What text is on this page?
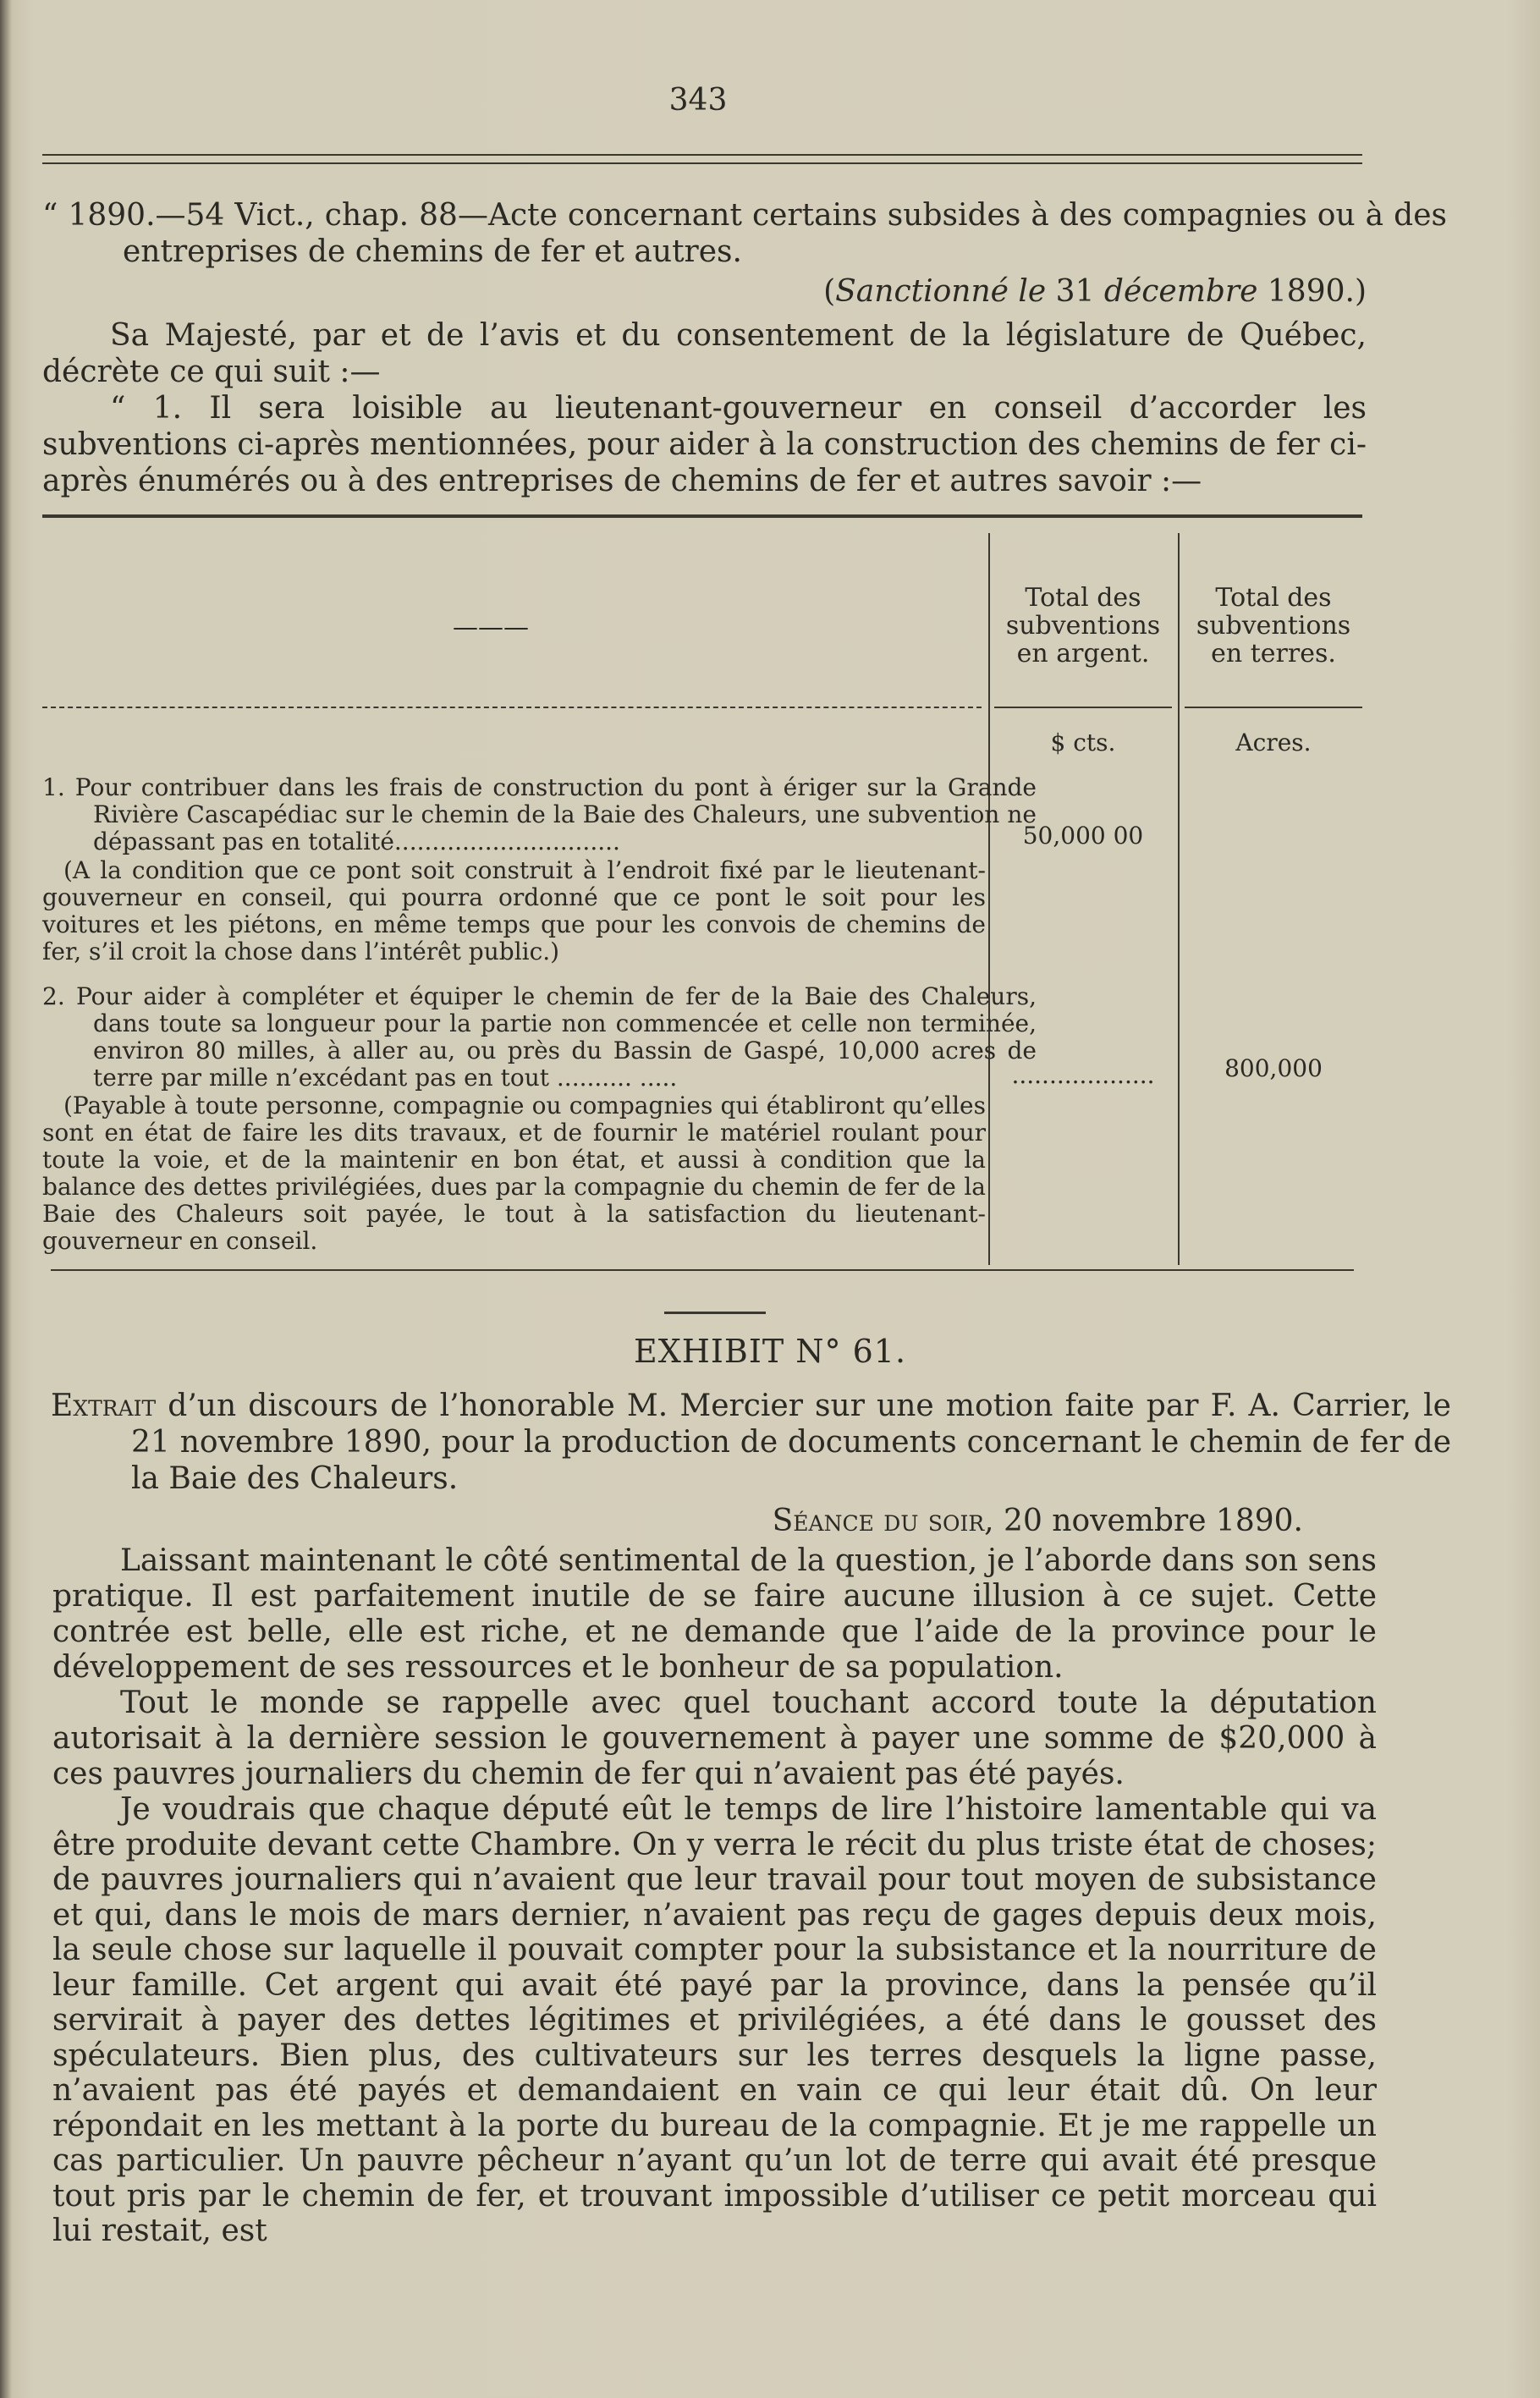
343
“ 1890.—54 Vict., chap. 88—Acte concernant certains subsides à des compagnies ou à des entreprises de chemins de fer et autres.
(Sanctionné le 31 décembre 1890.)
Sa Majesté, par et de l’avis et du consentement de la législature de Québec, décrète ce qui suit :—
“ 1. Il sera loisible au lieutenant-gouverneur en conseil d’accorder les subventions ci-après mentionnées, pour aider à la construction des chemins de fer ci-après énumérés ou à des entreprises de chemins de fer et autres savoir :—
———
Total des subventions en argent.
Total des subventions en terres.
$ cts.	Acres.
1. Pour contribuer dans les frais de construction du pont à ériger sur la Grande Rivière Cascapédiac sur le chemin de la Baie des Chaleurs, une subvention ne dépassant pas en totalité..............................
(A la condition que ce pont soit construit à l’endroit fixé par le lieutenant-gouverneur en conseil, qui pourra ordonné que ce pont le soit pour les voitures et les piétons, en même temps que pour les convois de chemins de fer, s’il croit la chose dans l’intérêt public.)
50,000 00
2. Pour aider à compléter et équiper le chemin de fer de la Baie des Chaleurs, dans toute sa longueur pour la partie non commencée et celle non terminée, environ 80 milles, à aller au, ou près du Bassin de Gaspé, 10,000 acres de terre par mille n’excédant pas en tout .......... .....
(Payable à toute personne, compagnie ou compagnies qui établiront qu’elles sont en état de faire les dits travaux, et de fournir le matériel roulant pour toute la voie, et de la maintenir en bon état, et aussi à condition que la balance des dettes privilégiées, dues par la compagnie du chemin de fer de la Baie des Chaleurs soit payée, le tout à la satisfaction du lieutenant-gouverneur en conseil.
...................	800,000
EXHIBIT N° 61.
Extrait d’un discours de l’honorable M. Mercier sur une motion faite par F. A. Carrier, le 21 novembre 1890, pour la production de documents concernant le chemin de fer de la Baie des Chaleurs.
Séance du soir, 20 novembre 1890.
Laissant maintenant le côté sentimental de la question, je l’aborde dans son sens pratique. Il est parfaitement inutile de se faire aucune illusion à ce sujet. Cette contrée est belle, elle est riche, et ne demande que l’aide de la province pour le développement de ses ressources et le bonheur de sa population.
Tout le monde se rappelle avec quel touchant accord toute la députation autorisait à la dernière session le gouvernement à payer une somme de $20,000 à ces pauvres journaliers du chemin de fer qui n’avaient pas été payés.
Je voudrais que chaque député eût le temps de lire l’histoire lamentable qui va être produite devant cette Chambre. On y verra le récit du plus triste état de choses; de pauvres journaliers qui n’avaient que leur travail pour tout moyen de subsistance et qui, dans le mois de mars dernier, n’avaient pas reçu de gages depuis deux mois, la seule chose sur laquelle il pouvait compter pour la subsistance et la nourriture de leur famille. Cet argent qui avait été payé par la province, dans la pensée qu’il servirait à payer des dettes légitimes et privilégiées, a été dans le gousset des spéculateurs. Bien plus, des cultivateurs sur les terres desquels la ligne passe, n’avaient pas été payés et demandaient en vain ce qui leur était dû. On leur répondait en les mettant à la porte du bureau de la compagnie. Et je me rappelle un cas particulier. Un pauvre pêcheur n’ayant qu’un lot de terre qui avait été presque tout pris par le chemin de fer, et trouvant impossible d’utiliser ce petit morceau qui lui restait, est
